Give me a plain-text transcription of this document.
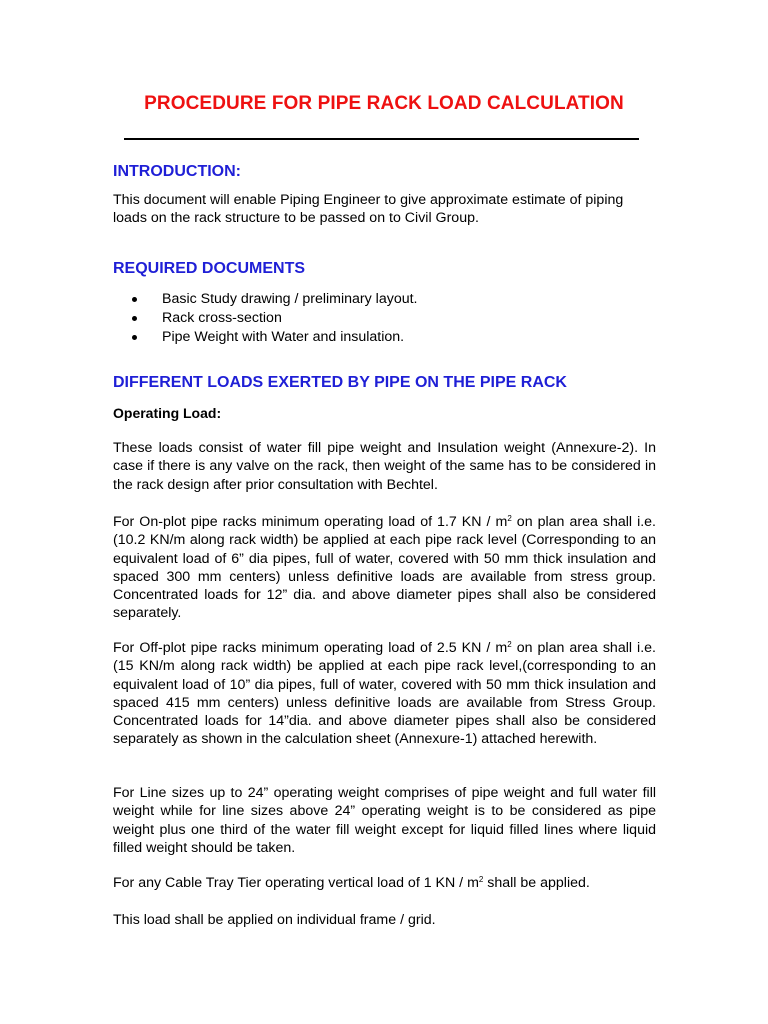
PROCEDURE FOR PIPE RACK LOAD CALCULATION
INTRODUCTION:

This document will enable Piping Engineer to give approximate estimate of piping loads on the rack structure to be passed on to Civil Group.

REQUIRED DOCUMENTS
Basic Study drawing / preliminary layout.
Rack cross-section
Pipe Weight with Water and insulation.
DIFFERENT LOADS EXERTED BY PIPE ON THE PIPE RACK
Operating Load:

These loads consist of water fill pipe weight and Insulation weight (Annexure-2). In case if there is any valve on the rack, then weight of the same has to be considered in the rack design after prior consultation with Bechtel.

For On-plot pipe racks minimum operating load of 1.7 KN / $m^2$ on plan area shall i.e. (10.2 KN/m along rack width) be applied at each pipe rack level (Corresponding to an equivalent load of 6” dia pipes, full of water, covered with 50 mm thick insulation and spaced 300 mm centers) unless definitive loads are available from stress group. Concentrated loads for 12” dia. and above diameter pipes shall also be considered separately.

For Off-plot pipe racks minimum operating load of 2.5 KN / $m^2$ on plan area shall i.e. (15 KN/m along rack width) be applied at each pipe rack level,(corresponding to an equivalent load of 10” dia pipes, full of water, covered with 50 mm thick insulation and spaced 415 mm centers) unless definitive loads are available from Stress Group. Concentrated loads for 14”dia. and above diameter pipes shall also be considered separately as shown in the calculation sheet (Annexure-1) attached herewith.

For Line sizes up to 24” operating weight comprises of pipe weight and full water fill weight while for line sizes above 24” operating weight is to be considered as pipe weight plus one third of the water fill weight except for liquid filled lines where liquid filled weight should be taken.

For any Cable Tray Tier operating vertical load of 1 KN / $m^2$ shall be applied.

This load shall be applied on individual frame / grid.
